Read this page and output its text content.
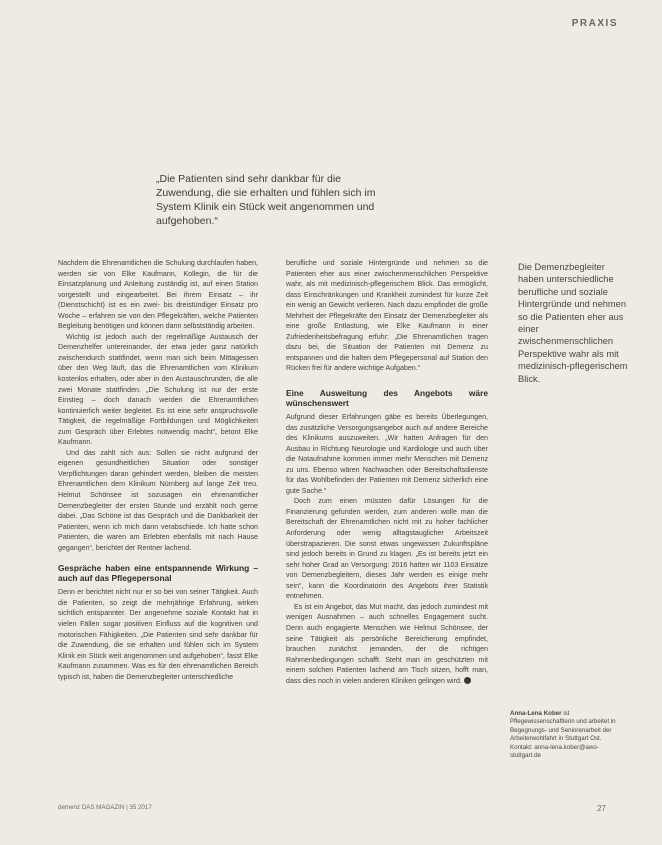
PRAXIS
„Die Patienten sind sehr dankbar für die Zuwendung, die sie erhalten und fühlen sich im System Klinik ein Stück weit angenommen und aufgehoben.“

Nachdem die Ehrenamtlichen die Schulung durchlaufen haben, werden sie von Elke Kaufmann, Kollegin, die für die Einsatzplanung und Anleitung zuständig ist, auf einen Station vorgestellt und eingearbeitet. Bei ihrem Einsatz – ihr (Dienstschicht) ist es ein zwei- bis dreistündiger Einsatz pro Woche – erfahren sie von den Pflegekräften, welche Patienten Begleitung benötigen und können dann selbstständig arbeiten.

Wichtig ist jedoch auch der regelmäßige Austausch der Demenzhelfer untereinander, der etwa jeder ganz natürlich zwischendurch stattfindet, wenn man sich beim Mittagessen über den Weg läuft, das die Ehrenamtlichen vom Klinikum kostenlos erhalten, oder aber in den Austauschrunden, die alle zwei Monate stattfinden. „Die Schulung ist nur der erste Einstieg – doch danach werden die Ehrenamtlichen kontinuierlich weiter begleitet. Es ist eine sehr anspruchsvolle Tätigkeit, die regelmäßige Fortbildungen und Möglichkeiten zum Gespräch über Erlebtes notwendig macht“, betont Elke Kaufmann.

Und das zahlt sich aus: Sollen sie nicht aufgrund der eigenen gesundheitlichen Situation oder sonstiger Verpflichtungen daran gehindert werden, bleiben die meisten Ehrenamtlichen dem Klinikum Nürnberg auf lange Zeit treu. Helmut Schönsee ist sozusagen ein ehrenamtlicher Demenzbegleiter der ersten Stunde und erzählt noch gerne dabei. „Das Schöne ist das Gespräch und die Dankbarkeit der Patienten, wenn ich mich dann verabschiede. Ich hatte schon Patienten, die waren am Erlebten ebenfalls mit nach Hause gegangen“, berichtet der Rentner lachend.

Gespräche haben eine entspannende Wirkung – auch auf das Pflegepersonal

Denn er berichtet nicht nur er so bei von seiner Tätigkeit. Auch die Patienten, so zeigt die mehrjährige Erfahrung, wirken sichtlich entspannter. Der angenehme soziale Kontakt hat in vielen Fällen sogar positiven Einfluss auf die kognitiven und motorischen Fähigkeiten. „Die Patienten sind sehr dankbar für die Zuwendung, die sie erhalten und fühlen sich im System Klinik ein Stück weit angenommen und aufgehoben“, fasst Elke Kaufmann zusammen. Was es für den ehrenamtlichen Bereich typisch ist, haben die Demenzbegleiter unterschiedliche

berufliche und soziale Hintergründe und nehmen so die Patienten eher aus einer zwischenmenschlichen Perspektive wahr, als mit medizinisch-pflegerischem Blick. Das ermöglicht, dass Einschränkungen und Krankheit zumindest für kurze Zeit ein wenig an Gewicht verlieren. Nach dazu empfindet die große Mehrheit der Pflegekräfte den Einsatz der Demenzbegleiter als eine große Entlastung, wie Elke Kaufmann in einer Zufriedenheitsbefragung erfuhr: „Die Ehrenamtlichen tragen dazu bei, die Situation der Patienten mit Demenz zu entspannen und die halten dem Pflegepersonal auf Station den Rücken frei für andere wichtige Aufgaben.“

Eine Ausweitung des Angebots wäre wünschenswert

Aufgrund dieser Erfahrungen gäbe es bereits Überlegungen, das zusätzliche Versorgungsangebot auch auf andere Bereiche des Klinikums auszuweiten. „Wir hatten Anfragen für den Ausbau in Richtung Neurologie und Kardiologie und auch über die Notaufnahme kommen immer mehr Menschen mit Demenz zu uns. Ebenso wären Nachwachen oder Bereitschaftsdienste für das Wohlbefinden der Patienten mit Demenz sicherlich eine gute Sache.“

Doch zum einen müssten dafür Lösungen für die Finanzierung gefunden werden, zum anderen wolle man die Bereitschaft der Ehrenamtlichen nicht mit zu hoher fachlicher Anforderung oder wenig alltagstauglicher Arbeitszeit überstrapazieren. Die sonst etwas ungewissen Zukunftspläne sind jedoch bereits in Grund zu klagen. „Es ist bereits jetzt ein sehr hoher Grad an Versorgung: 2016 hatten wir 1103 Einsätze von Demenzbegleitern, dieses Jahr werden es einige mehr sein“, kann die Koordinatorin des Angebots ihrer Statistik entnehmen.

Es ist ein Angebot, das Mut macht, das jedoch zumindest mit wenigen Ausnahmen – auch schnelles Engagement sucht. Denn auch engagierte Menschen wie Helmut Schönsee, der seine Tätigkeit als persönliche Bereicherung empfindet, brauchen zunächst jemanden, der die richtigen Rahmenbedingungen schafft. Steht man im geschützten mit einem solchen Patienten lachend am Tisch sitzen, hofft man, dass dies noch in vielen anderen Kliniken gelingen wird.

Die Demenzbegleiter haben unterschiedliche berufliche und soziale Hintergründe und nehmen so die Patienten eher aus einer zwischenmenschlichen Perspektive wahr als mit medizinisch-pflegerischem Blick.
Anna-Lena Kober ist Pflegewissenschaftlerin und arbeitet in Begegnungs- und Seniorenarbeit der Arbeiterwohlfahrt in Stuttgart Ost.
Kontakt: anna-lena.kober@awo-stuttgart.de
demenz DAS MAGAZIN | 35 2017	27
